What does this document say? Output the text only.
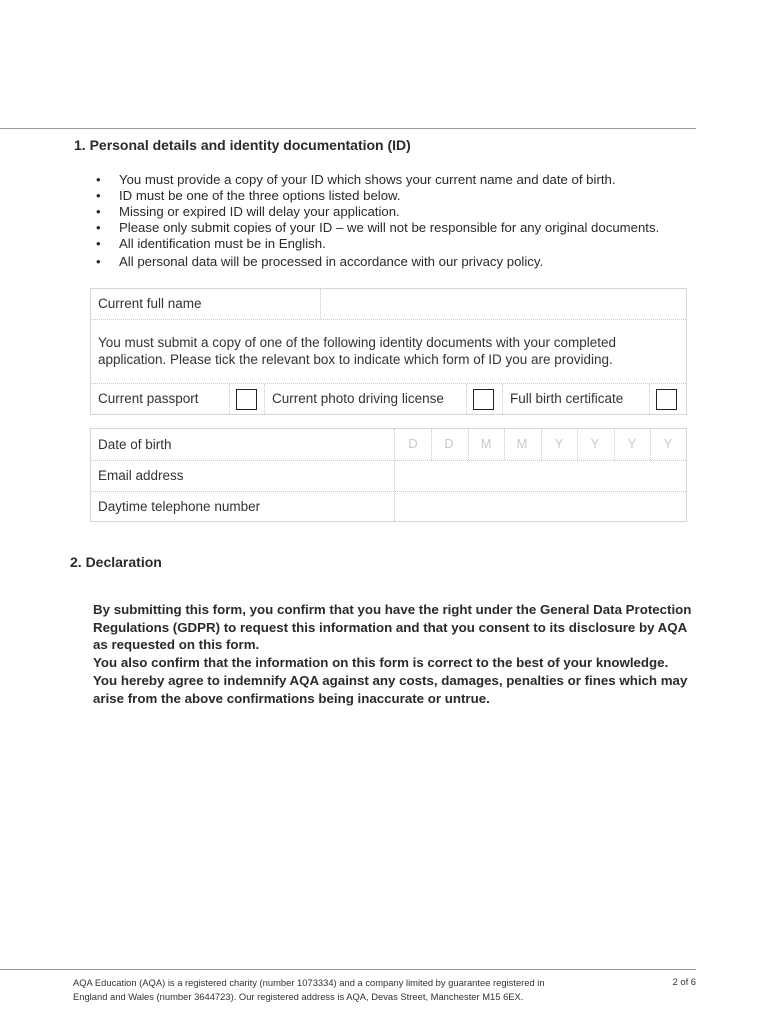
1. Personal details and identity documentation (ID)
• You must provide a copy of your ID which shows your current name and date of birth.
• ID must be one of the three options listed below.
• Missing or expired ID will delay your application.
• Please only submit copies of your ID – we will not be responsible for any original documents.
• All identification must be in English.
• All personal data will be processed in accordance with our privacy policy.
Current full name
You must submit a copy of one of the following identity documents with your completed application. Please tick the relevant box to indicate which form of ID you are providing.
Current passport	Current photo driving license	Full birth certificate
Date of birth	D	D	M	M	Y	Y	Y	Y
Email address
Daytime telephone number
2. Declaration

By submitting this form, you confirm that you have the right under the General Data Protection Regulations (GDPR) to request this information and that you consent to its disclosure by AQA as requested on this form.

You also confirm that the information on this form is correct to the best of your knowledge. You hereby agree to indemnify AQA against any costs, damages, penalties or fines which may arise from the above confirmations being inaccurate or untrue.

AQA Education (AQA) is a registered charity (number 1073334) and a company limited by guarantee registered in
England and Wales (number 3644723). Our registered address is AQA, Devas Street, Manchester M15 6EX.
2 of 6
